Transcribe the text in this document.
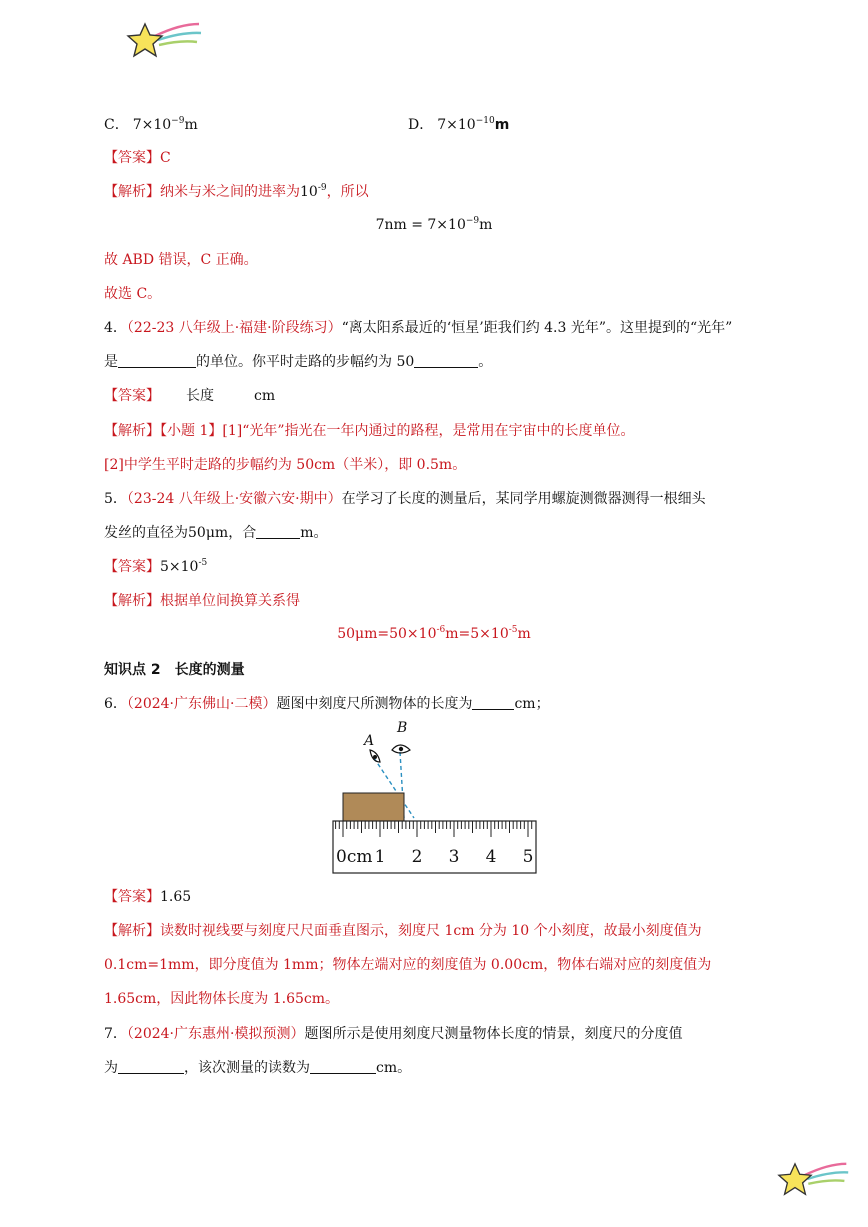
C． $7\times 10^{-9}m$	D． $7\times 10^{-10}m$
【答案】C
【解析】纳米与米之间的进率为$10^{-9}$，所以
$7nm = 7\times 10^{-9}m$
故 ABD 错误，C 正确。
故选 C。
4．（22-23 八年级上·福建·阶段练习）“离太阳系最近的‘恒星’距我们约 4.3 光年”。这里提到的“光年”
是	的单位。你平时走路的步幅约为 50	。
【答案】 长度	cm
【解析】【小题 1】[1]“光年”指光在一年内通过的路程，是常用在宇宙中的长度单位。
[2]中学生平时走路的步幅约为 50cm（半米），即 0.5m。
5．（23-24 八年级上·安徽六安·期中）在学习了长度的测量后，某同学用螺旋测微器测得一根细头
发丝的直径为50μm，合	m。
【答案】$5\times 10^{-5}$
【解析】根据单位间换算关系得
$50\mu m=50\times 10^{-6}m=5\times 10^{-5}m$
知识点 2　长度的测量
6．（2024·广东佛山·二模）题图中刻度尺所测物体的长度为	cm；
A
B
0cm 1 2 3 4 5
【答案】1.65
【解析】读数时视线要与刻度尺尺面垂直图示，刻度尺 1cm 分为 10 个小刻度，故最小刻度值为
0.1cm=1mm，即分度值为 1mm；物体左端对应的刻度值为 0.00cm，物体右端对应的刻度值为
1.65cm，因此物体长度为 1.65cm。
7．（2024·广东惠州·模拟预测）题图所示是使用刻度尺测量物体长度的情景，刻度尺的分度值
为	，该次测量的读数为	cm。
